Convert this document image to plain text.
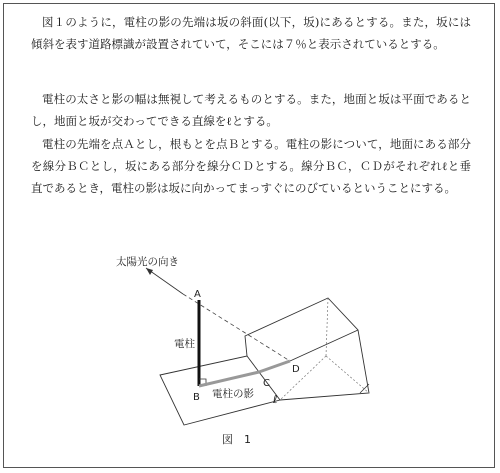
図１のように，電柱の影の先端は坂の斜面(以下，坂)にあるとする。また，坂には傾斜を表す道路標識が設置されていて，そこには７％と表示されているとする。

電柱の太さと影の幅は無視して考えるものとする。また，地面と坂は平面であるとし，地面と坂が交わってできる直線をℓとする。

電柱の先端を点Ａとし，根もとを点Ｂとする。電柱の影について，地面にある部分を線分ＢＣとし，坂にある部分を線分ＣＤとする。線分ＢＣ，ＣＤがそれぞれℓと垂直であるとき，電柱の影は坂に向かってまっすぐにのびているということにする。

太陽光の向き
A
電柱
B 電柱の影
C
D
ℓ
図　1
